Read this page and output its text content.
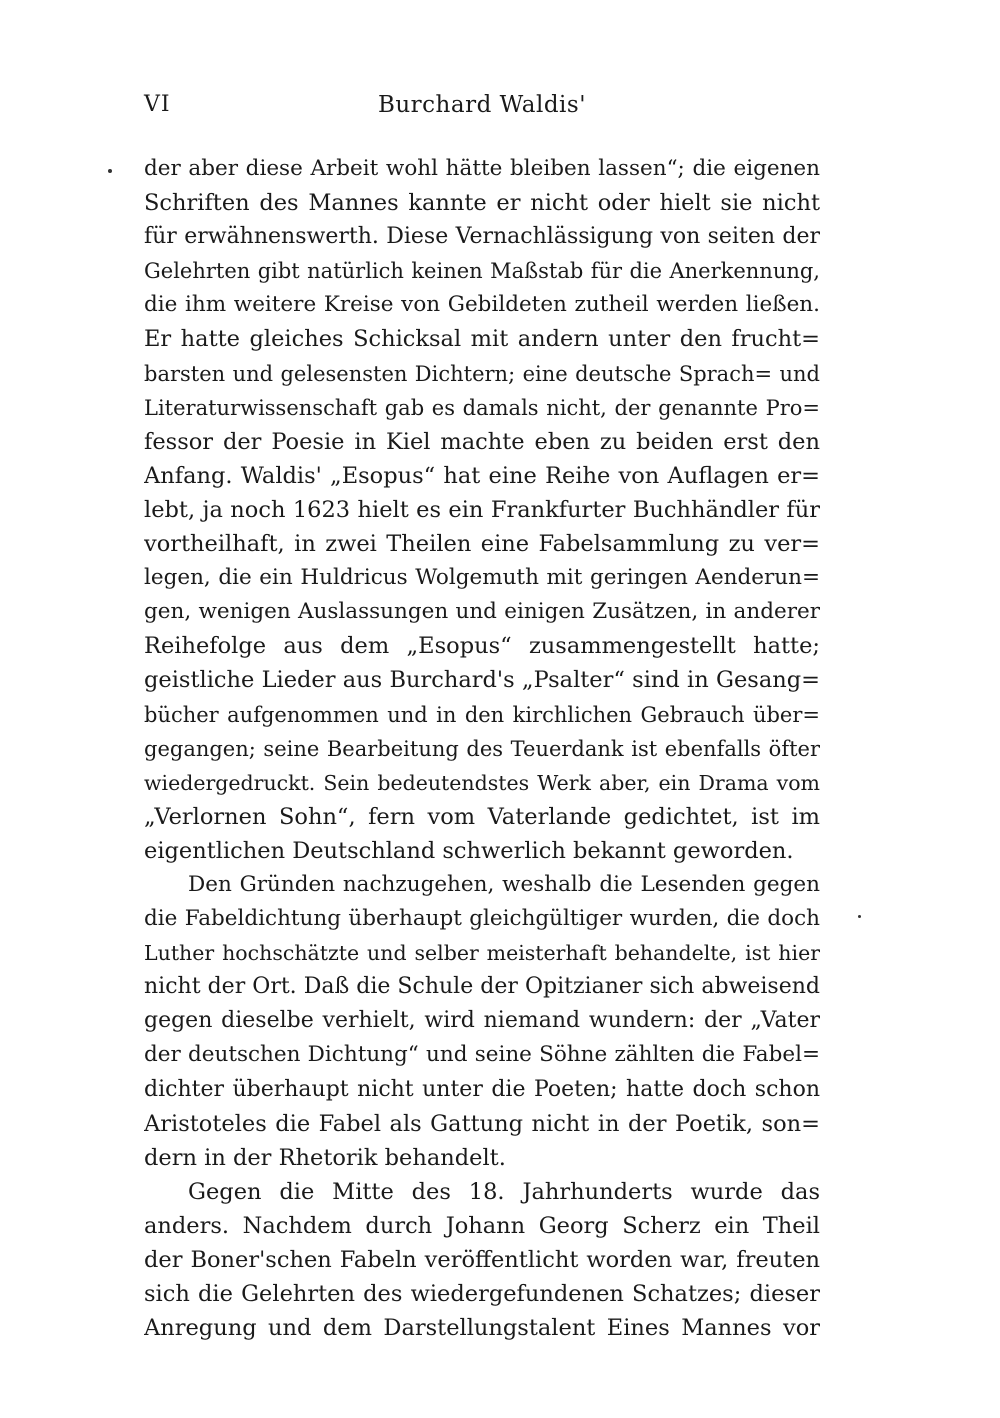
VI	Burchard Waldis'
der aber diese Arbeit wohl hätte bleiben lassen“; die eigenen
Schriften des Mannes kannte er nicht oder hielt sie nicht
für erwähnenswerth. Diese Vernachlässigung von seiten der
Gelehrten gibt natürlich keinen Maßstab für die Anerkennung,
die ihm weitere Kreise von Gebildeten zutheil werden ließen.
Er hatte gleiches Schicksal mit andern unter den frucht=
barsten und gelesensten Dichtern; eine deutsche Sprach= und
Literaturwissenschaft gab es damals nicht, der genannte Pro=
fessor der Poesie in Kiel machte eben zu beiden erst den
Anfang. Waldis' „Esopus“ hat eine Reihe von Auflagen er=
lebt, ja noch 1623 hielt es ein Frankfurter Buchhändler für
vortheilhaft, in zwei Theilen eine Fabelsammlung zu ver=
legen, die ein Huldricus Wolgemuth mit geringen Aenderun=
gen, wenigen Auslassungen und einigen Zusätzen, in anderer
Reihefolge aus dem „Esopus“ zusammengestellt hatte;
geistliche Lieder aus Burchard's „Psalter“ sind in Gesang=
bücher aufgenommen und in den kirchlichen Gebrauch über=
gegangen; seine Bearbeitung des Teuerdank ist ebenfalls öfter
wiedergedruckt. Sein bedeutendstes Werk aber, ein Drama vom
„Verlornen Sohn“, fern vom Vaterlande gedichtet, ist im
eigentlichen Deutschland schwerlich bekannt geworden.
Den Gründen nachzugehen, weshalb die Lesenden gegen
die Fabeldichtung überhaupt gleichgültiger wurden, die doch
Luther hochschätzte und selber meisterhaft behandelte, ist hier
nicht der Ort. Daß die Schule der Opitzianer sich abweisend
gegen dieselbe verhielt, wird niemand wundern: der „Vater
der deutschen Dichtung“ und seine Söhne zählten die Fabel=
dichter überhaupt nicht unter die Poeten; hatte doch schon
Aristoteles die Fabel als Gattung nicht in der Poetik, son=
dern in der Rhetorik behandelt.
Gegen die Mitte des 18. Jahrhunderts wurde das
anders. Nachdem durch Johann Georg Scherz ein Theil
der Boner'schen Fabeln veröffentlicht worden war, freuten
sich die Gelehrten des wiedergefundenen Schatzes; dieser
Anregung und dem Darstellungstalent Eines Mannes vor
